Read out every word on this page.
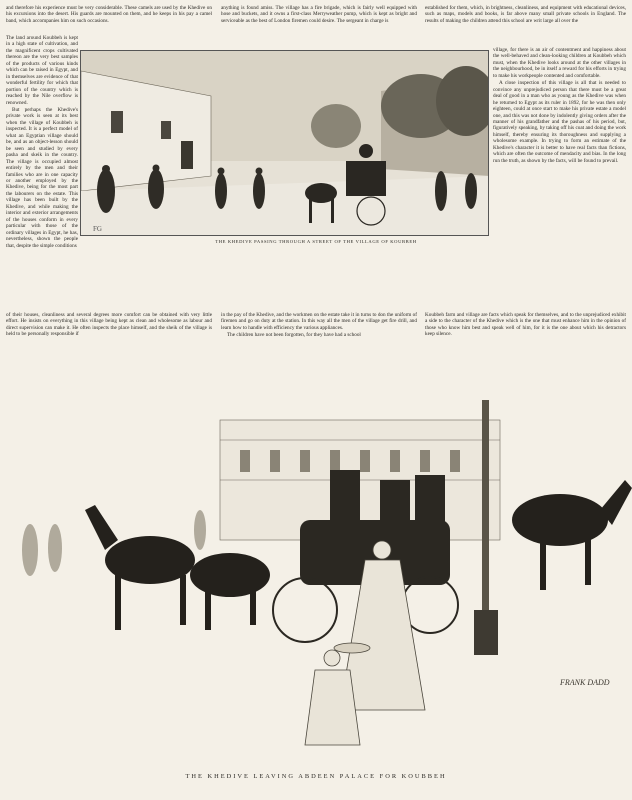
and therefore his experience must be very considerable. These camels are used by the Khedive on his excursions into the desert. His guards are mounted on them, and he keeps in his pay a camel band, which accompanies him on such occasions.

The land around Koubbeh is kept in a high state of cultivation, and the magnificent crops cultivated thereon are the very best samples of the products of various kinds which can be raised in Egypt, and in themselves are evidence of that wonderful fertility for which that portion of the country which is reached by the Nile overflow is renowned.

But perhaps the Khedive's private work is seen at its best when the village of Koubbeh is inspected. It is a perfect model of what an Egyptian village should be, and as an object-lesson should be seen and studied by every pasha and skeik in the country. The village is occupied almost entirely by the men and their families who are in one capacity or another employed by the Khedive, being for the most part the labourers on the estate. This village has been built by the Khedive, and while making the interior and exterior arrangements of the houses conform in every particular with those of the ordinary villages in Egypt, he has, nevertheless, shown the people that, despite the simple conditions

of their houses, cleanliness and several degrees more comfort can be obtained with very little effort. He insists on everything in this village being kept as clean and wholesome as labour and direct supervision can make it. He often inspects the place himself, and the sheik of the village is held to be personally responsible if

anything is found amiss. The village has a fire brigade, which is fairly well equipped with hose and buckets, and it owns a first-class Merryweather pump, which is kept as bright and serviceable as the best of London firemen could desire. The sergeant in charge is

in the pay of the Khedive, and the workmen on the estate take it in turns to don the uniform of firemen and go on duty at the station. In this way all the men of the village get fire drill, and learn how to handle with efficiency the various appliances.

The children have not been forgotten, for they have had a school

established for them, which, in brightness, cleanliness, and equipment with educational devices, such as maps, models and books, is far above many small private schools in England. The results of making the children attend this school are writ large all over the

village, for there is an air of contentment and happiness about the well-behaved and clean-looking children at Koubbeh which must, when the Khedive looks around at the other villages in the neighbourhood, be in itself a reward for his efforts in trying to make his workpeople contented and comfortable.

A close inspection of this village is all that is needed to convince any unprejudiced person that there must be a great deal of good in a man who as young as the Khedive was when he returned to Egypt as its ruler in 1892, for he was then only eighteen, could at once start to make his private estate a model one, and this was not done by indolently giving orders after the manner of his grandfather and the pashas of his period, but, figuratively speaking, by taking off his coat and doing the work himself, thereby ensuring its thoroughness and supplying a wholesome example. In trying to form an estimate of the Khedive's character it is better to have real facts than fictions, which are often the outcome of mendacity and bias. In the long run the truth, as shown by the facts, will be found to prevail.

Koubbeh farm and village are facts which speak for themselves, and to the unprejudiced exhibit a side to the character of the Khedive which is the one that must enhance him in the opinion of those who know him best and speak well of him, for it is the one about which his detractors keep silence.

FG
THE KHEDIVE PASSING THROUGH A STREET OF THE VILLAGE OF KOUBBEH
FRANK DADD
THE KHEDIVE LEAVING ABDEEN PALACE FOR KOUBBEH
